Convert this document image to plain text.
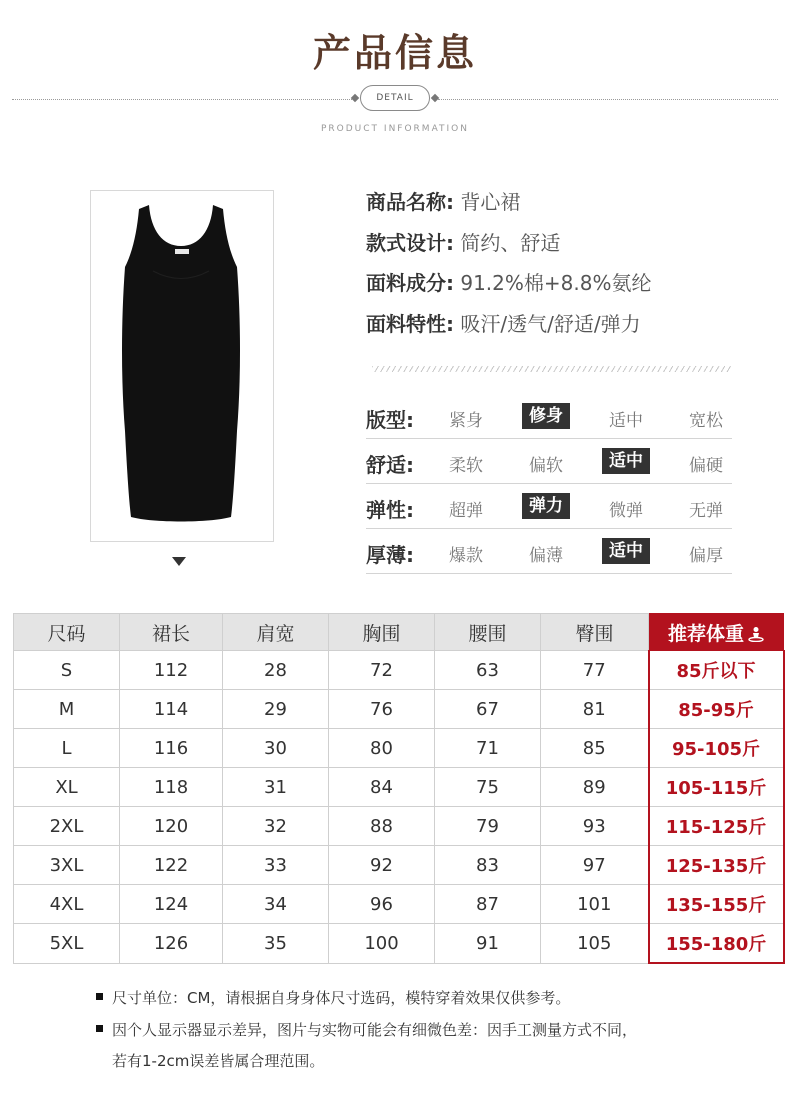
产品信息
DETAIL
PRODUCT INFORMATION
商品名称: 背心裙
款式设计: 简约、舒适
面料成分: 91.2%棉+8.8%氨纶
面料特性: 吸汗/透气/舒适/弹力
版型:	紧身	修身	适中	宽松
舒适:	柔软	偏软	适中	偏硬
弹性:	超弹	弹力	微弹	无弹
厚薄:	爆款	偏薄	适中	偏厚
尺码	裙长	肩宽	胸围	腰围	臀围	推荐体重
S	112	28	72	63	77	85斤以下
M	114	29	76	67	81	85-95斤
L	116	30	80	71	85	95-105斤
XL	118	31	84	75	89	105-115斤
2XL	120	32	88	79	93	115-125斤
3XL	122	33	92	83	97	125-135斤
4XL	124	34	96	87	101	135-155斤
5XL	126	35	100	91	105	155-180斤
尺寸单位：CM，请根据自身身体尺寸选码，模特穿着效果仅供参考。
因个人显示器显示差异，图片与实物可能会有细微色差：因手工测量方式不同，
若有1-2cm误差皆属合理范围。
